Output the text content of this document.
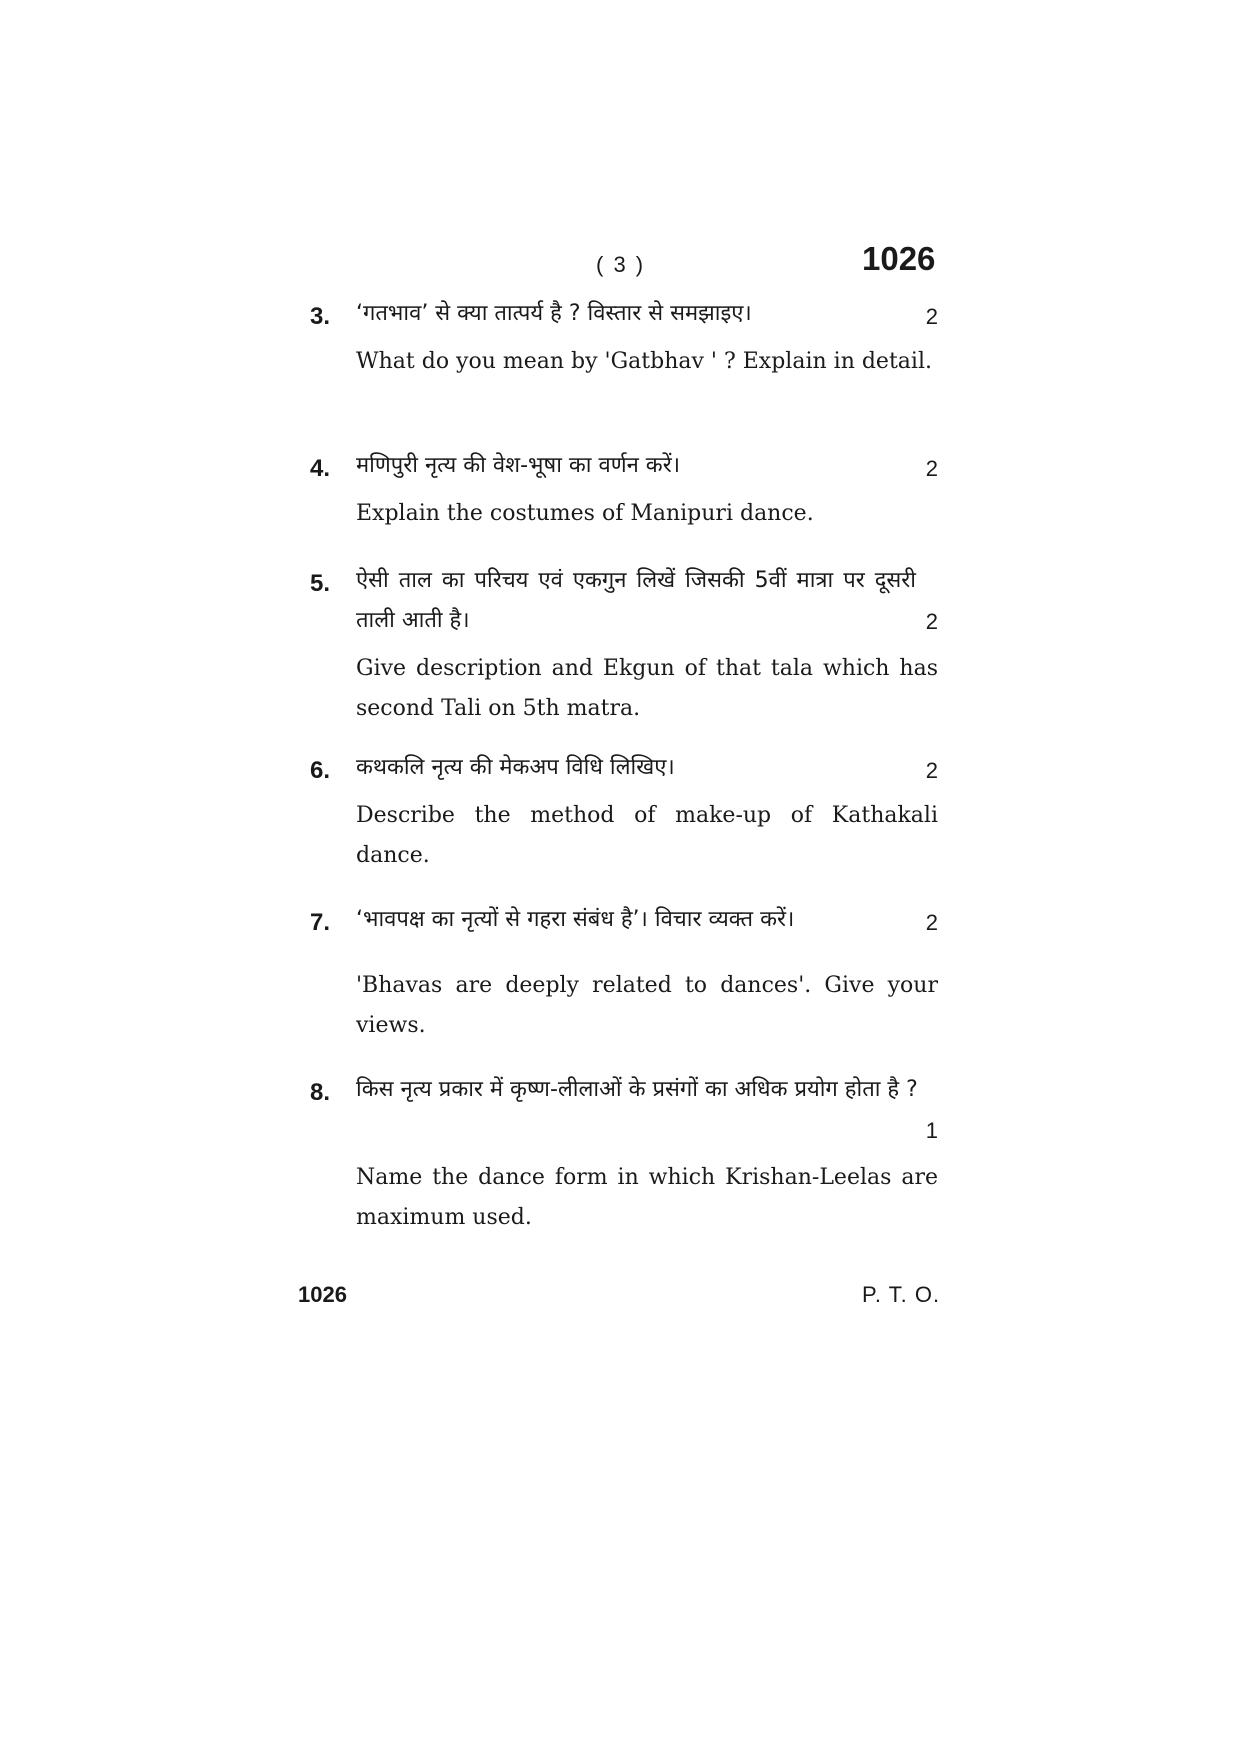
( 3 )	1026
3. ‘गतभाव’ से क्या तात्पर्य है ? विस्तार से समझाइए।	2
What do you mean by 'Gatbhav ' ? Explain in detail.
4. मणिपुरी नृत्य की वेश-भूषा का वर्णन करें।	2
Explain the costumes of Manipuri dance.
5. ऐसी ताल का परिचय एवं एकगुन लिखें जिसकी 5वीं मात्रा पर दूसरी ताली आती है।	2
Give description and Ekgun of that tala which has second Tali on 5th matra.
6. कथकलि नृत्य की मेकअप विधि लिखिए।	2
Describe the method of make-up of Kathakali dance.
7. ‘भावपक्ष का नृत्यों से गहरा संबंध है’। विचार व्यक्त करें।	2
'Bhavas are deeply related to dances'. Give your views.
8. किस नृत्य प्रकार में कृष्ण-लीलाओं के प्रसंगों का अधिक प्रयोग होता है ?
1
Name the dance form in which Krishan-Leelas are maximum used.
1026	P. T. O.
